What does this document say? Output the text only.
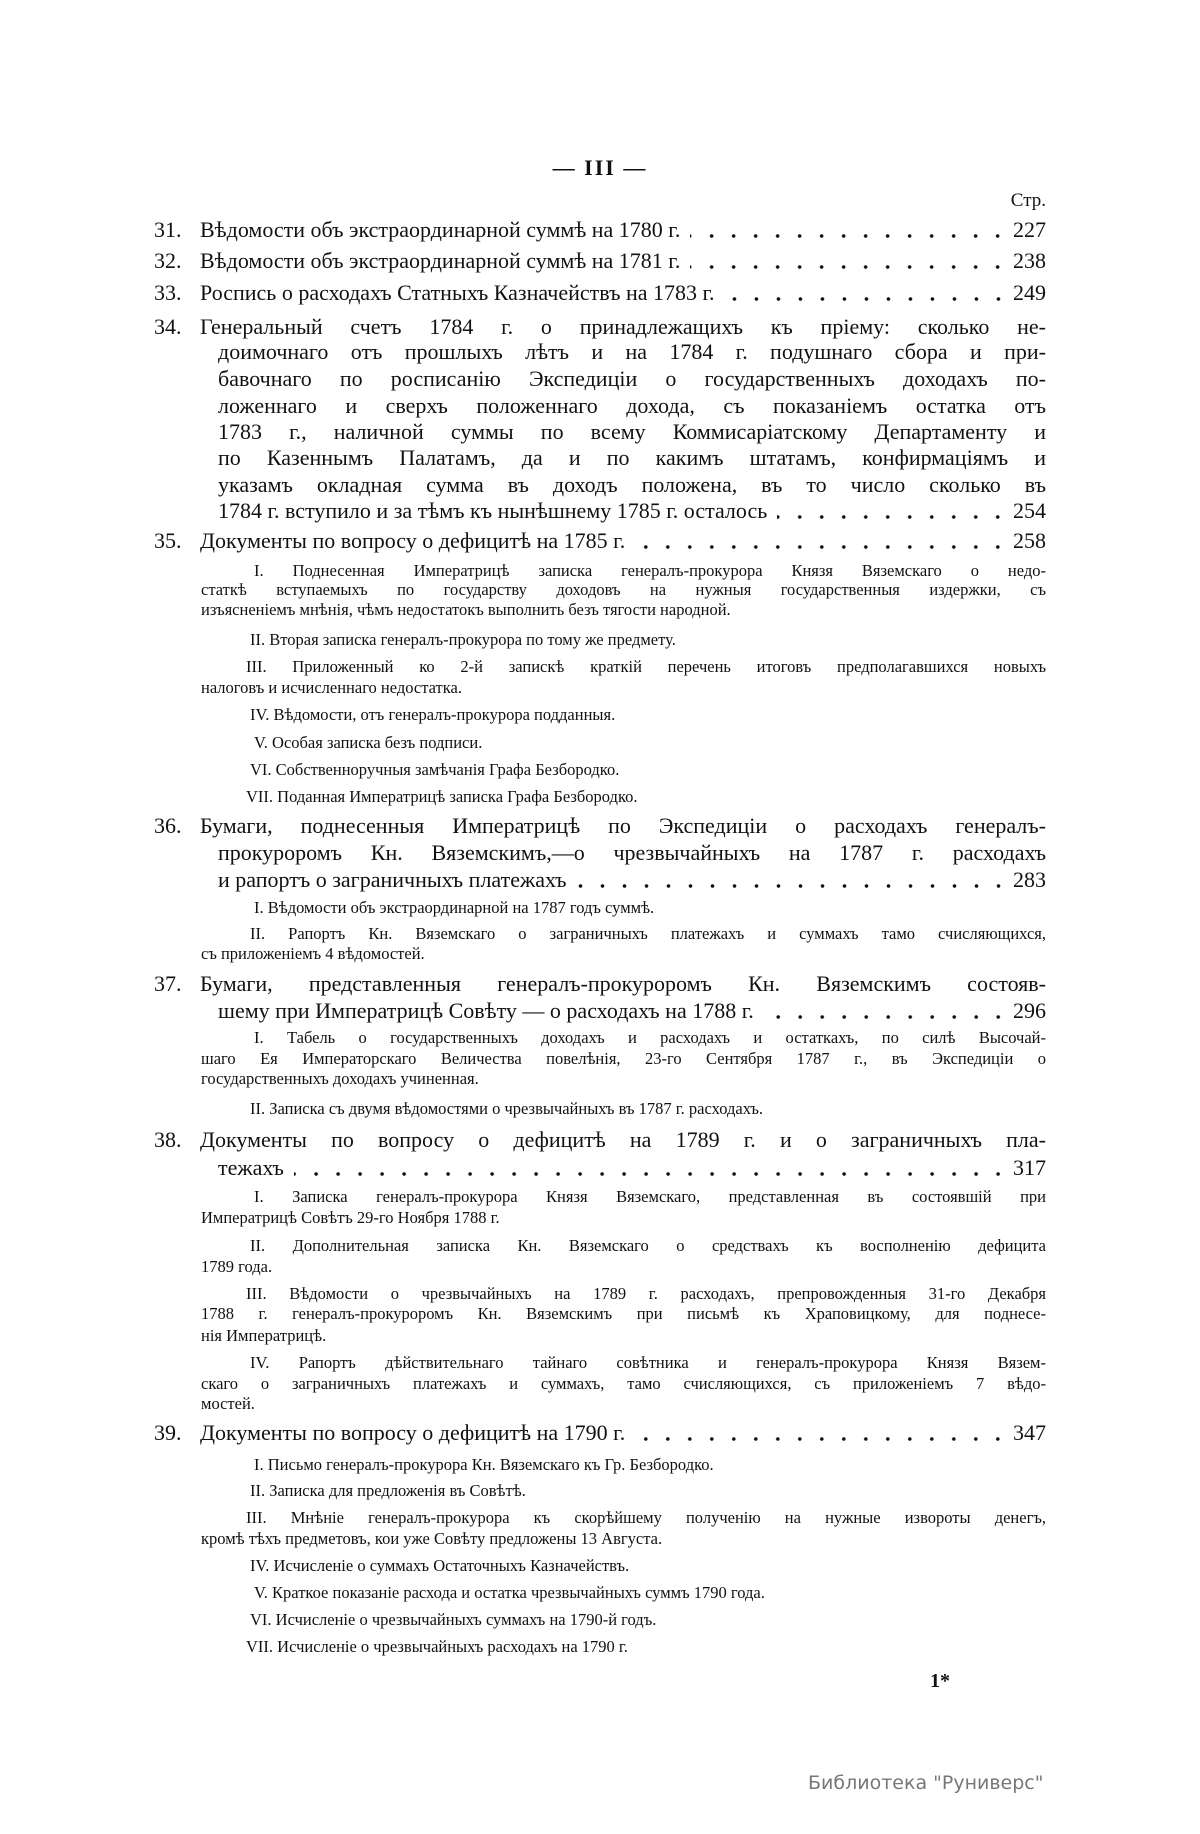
— III —
Стр.
31. Вѣдомости объ экстраординарной суммѣ на 1780 г.	227
32. Вѣдомости объ экстраординарной суммѣ на 1781 г.	238
33. Роспись о расходахъ Статныхъ Казначействъ на 1783 г.	249
34. Генеральный счетъ 1784 г. о принадлежащихъ къ пріему: сколько не-
доимочнаго отъ прошлыхъ лѣтъ и на 1784 г. подушнаго сбора и при-
бавочнаго по росписанію Экспедиціи о государственныхъ доходахъ по-
ложеннаго и сверхъ положеннаго дохода, съ показаніемъ остатка отъ
1783 г., наличной суммы по всему Коммисаріатскому Департаменту и
по Казеннымъ Палатамъ, да и по какимъ штатамъ, конфирмаціямъ и
указамъ окладная сумма въ доходъ положена, въ то число сколько въ
1784 г. вступило и за тѣмъ къ нынѣшнему 1785 г. осталось	254
35. Документы по вопросу о дефицитѣ на 1785 г.	258
I. Поднесенная Императрицѣ записка генералъ-прокурора Князя Вяземскаго о недо-
статкѣ вступаемыхъ по государству доходовъ на нужныя государственныя издержки, съ
изъясненіемъ мнѣнія, чѣмъ недостатокъ выполнить безъ тягости народной.
II. Вторая записка генералъ-прокурора по тому же предмету.
III. Приложенный ко 2-й запискѣ краткій перечень итоговъ предполагавшихся новыхъ
налоговъ и исчисленнаго недостатка.
IV. Вѣдомости, отъ генералъ-прокурора подданныя.
V. Особая записка безъ подписи.
VI. Собственноручныя замѣчанія Графа Безбородко.
VII. Поданная Императрицѣ записка Графа Безбородко.
36. Бумаги, поднесенныя Императрицѣ по Экспедиціи о расходахъ генералъ-
прокуроромъ Кн. Вяземскимъ,—о чрезвычайныхъ на 1787 г. расходахъ
и рапортъ о заграничныхъ платежахъ	283
I. Вѣдомости объ экстраординарной на 1787 годъ суммѣ.
II. Рапортъ Кн. Вяземскаго о заграничныхъ платежахъ и суммахъ тамо счисляющихся,
съ приложеніемъ 4 вѣдомостей.
37. Бумаги, представленныя генералъ-прокуроромъ Кн. Вяземскимъ состояв-
шему при Императрицѣ Совѣту — о расходахъ на 1788 г.	296
I. Табель о государственныхъ доходахъ и расходахъ и остаткахъ, по силѣ Высочай-
шаго Ея Императорскаго Величества повелѣнія, 23-го Сентября 1787 г., въ Экспедиціи о
государственныхъ доходахъ учиненная.
II. Записка съ двумя вѣдомостями о чрезвычайныхъ въ 1787 г. расходахъ.
38. Документы по вопросу о дефицитѣ на 1789 г. и о заграничныхъ пла-
тежахъ	317
I. Записка генералъ-прокурора Князя Вяземскаго, представленная въ состоявшій при
Императрицѣ Совѣтъ 29-го Ноября 1788 г.
II. Дополнительная записка Кн. Вяземскаго о средствахъ къ восполненію дефицита
1789 года.
III. Вѣдомости о чрезвычайныхъ на 1789 г. расходахъ, препровожденныя 31-го Декабря
1788 г. генералъ-прокуроромъ Кн. Вяземскимъ при письмѣ къ Храповицкому, для поднесе-
нія Императрицѣ.
IV. Рапортъ дѣйствительнаго тайнаго совѣтника и генералъ-прокурора Князя Вязем-
скаго о заграничныхъ платежахъ и суммахъ, тамо счисляющихся, съ приложеніемъ 7 вѣдо-
мостей.
39. Документы по вопросу о дефицитѣ на 1790 г.	347
I. Письмо генералъ-прокурора Кн. Вяземскаго къ Гр. Безбородко.
II. Записка для предложенія въ Совѣтѣ.
III. Мнѣніе генералъ-прокурора къ скорѣйшему полученію на нужные извороты денегъ,
кромѣ тѣхъ предметовъ, кои уже Совѣту предложены 13 Августа.
IV. Исчисленіе о суммахъ Остаточныхъ Казначействъ.
V. Краткое показаніе расхода и остатка чрезвычайныхъ суммъ 1790 года.
VI. Исчисленіе о чрезвычайныхъ суммахъ на 1790-й годъ.
VII. Исчисленіе о чрезвычайныхъ расходахъ на 1790 г.
1*
Библиотека "Руниверс"
